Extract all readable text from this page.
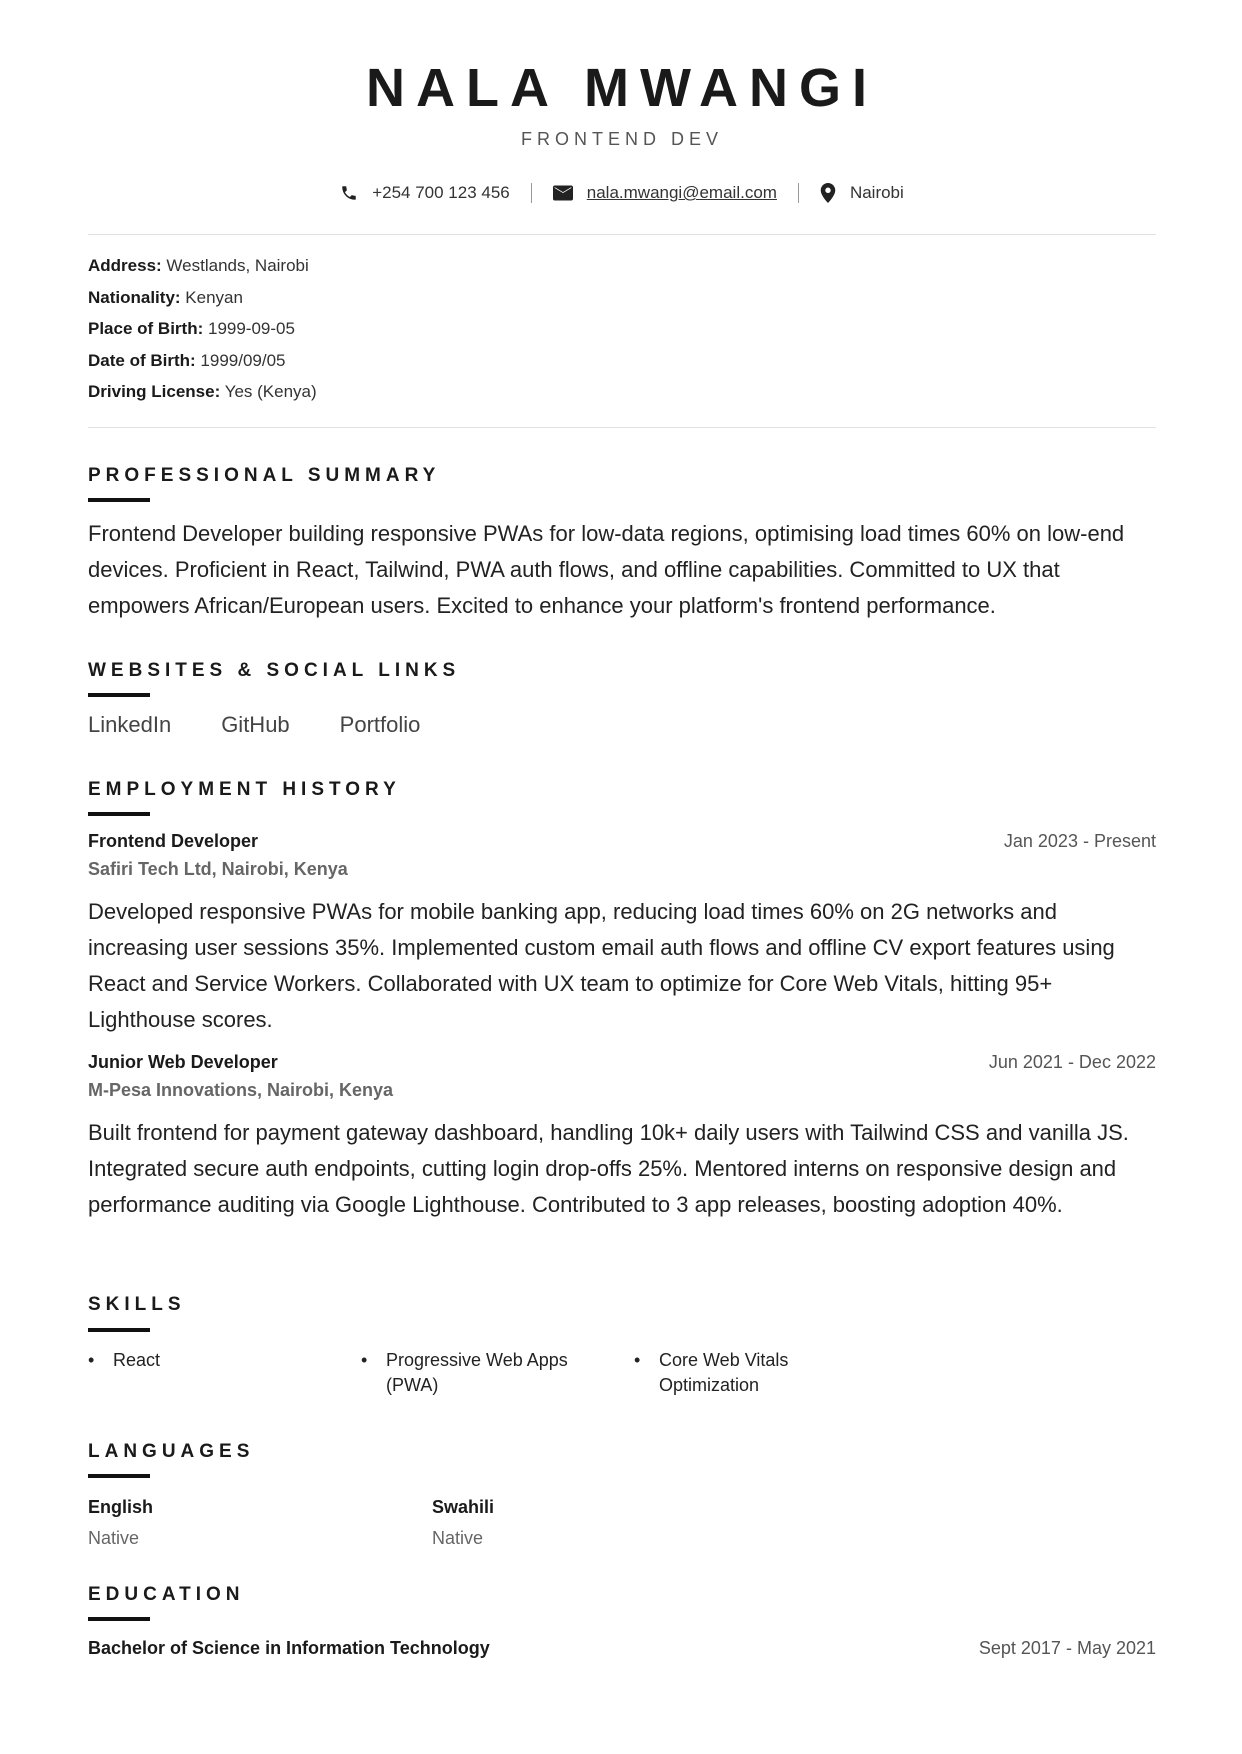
NALA MWANGI
FRONTEND DEV
+254 700 123 456	nala.mwangi@email.com	Nairobi
Address: Westlands, Nairobi
Nationality: Kenyan
Place of Birth: 1999-09-05
Date of Birth: 1999/09/05
Driving License: Yes (Kenya)
PROFESSIONAL SUMMARY
Frontend Developer building responsive PWAs for low-data regions, optimising load times 60% on low-end devices. Proficient in React, Tailwind, PWA auth flows, and offline capabilities. Committed to UX that empowers African/European users. Excited to enhance your platform's frontend performance.
WEBSITES & SOCIAL LINKS
LinkedIn GitHub Portfolio
EMPLOYMENT HISTORY
Frontend Developer	Jan 2023 - Present
Safiri Tech Ltd, Nairobi, Kenya
Developed responsive PWAs for mobile banking app, reducing load times 60% on 2G networks and increasing user sessions 35%. Implemented custom email auth flows and offline CV export features using React and Service Workers. Collaborated with UX team to optimize for Core Web Vitals, hitting 95+ Lighthouse scores.
Junior Web Developer	Jun 2021 - Dec 2022
M-Pesa Innovations, Nairobi, Kenya
Built frontend for payment gateway dashboard, handling 10k+ daily users with Tailwind CSS and vanilla JS. Integrated secure auth endpoints, cutting login drop-offs 25%. Mentored interns on responsive design and performance auditing via Google Lighthouse. Contributed to 3 app releases, boosting adoption 40%.
SKILLS
• React
•	Progressive Web Apps (PWA)
• Core Web Vitals Optimization
LANGUAGES
English
Native
Swahili
Native
EDUCATION
Bachelor of Science in Information Technology	Sept 2017 - May 2021
